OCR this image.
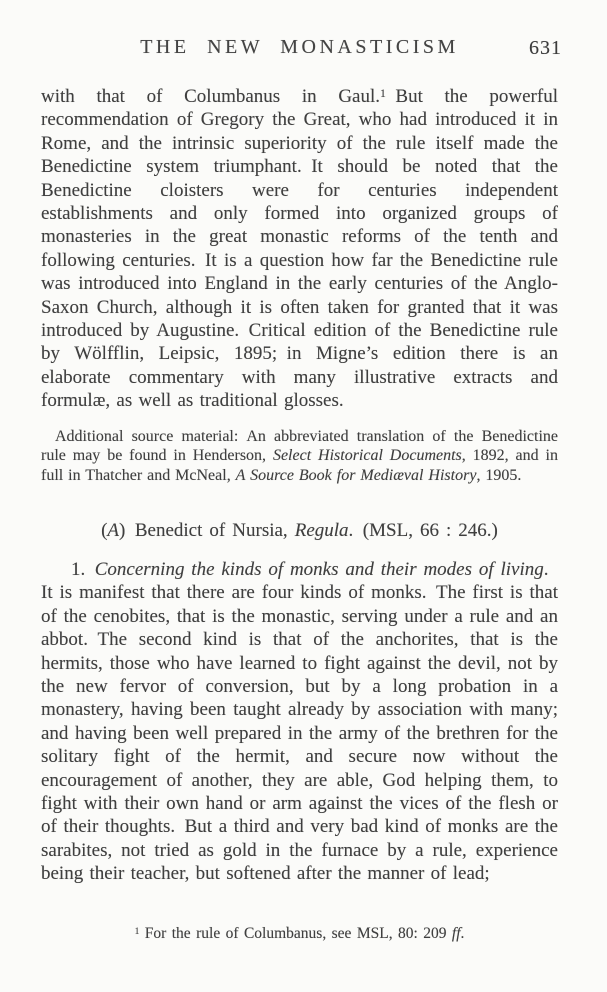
THE NEW MONASTICISM	631

with that of Columbanus in Gaul.$^1$ But the powerful recommendation of Gregory the Great, who had introduced it in Rome, and the intrinsic superiority of the rule itself made the Benedictine system triumphant. It should be noted that the Benedictine cloisters were for centuries independent establishments and only formed into organized groups of monasteries in the great monastic reforms of the tenth and following centuries. It is a question how far the Benedictine rule was introduced into England in the early centuries of the Anglo-Saxon Church, although it is often taken for granted that it was introduced by Augustine. Critical edition of the Benedictine rule by Wölfflin, Leipsic, 1895; in Migne’s edition there is an elaborate commentary with many illustrative extracts and formulæ, as well as traditional glosses.

Additional source material: An abbreviated translation of the Benedictine rule may be found in Henderson, Select Historical Documents, 1892, and in full in Thatcher and McNeal, A Source Book for Mediæval History, 1905.

(A) Benedict of Nursia, Regula. (MSL, 66 : 246.)

1. Concerning the kinds of monks and their modes of living. It is manifest that there are four kinds of monks. The first is that of the cenobites, that is the monastic, serving under a rule and an abbot. The second kind is that of the anchorites, that is the hermits, those who have learned to fight against the devil, not by the new fervor of conversion, but by a long probation in a monastery, having been taught already by association with many; and having been well prepared in the army of the brethren for the solitary fight of the hermit, and secure now without the encouragement of another, they are able, God helping them, to fight with their own hand or arm against the vices of the flesh or of their thoughts. But a third and very bad kind of monks are the sarabites, not tried as gold in the furnace by a rule, experience being their teacher, but softened after the manner of lead;

$^1$ For the rule of Columbanus, see MSL, 80: 209 ff.
